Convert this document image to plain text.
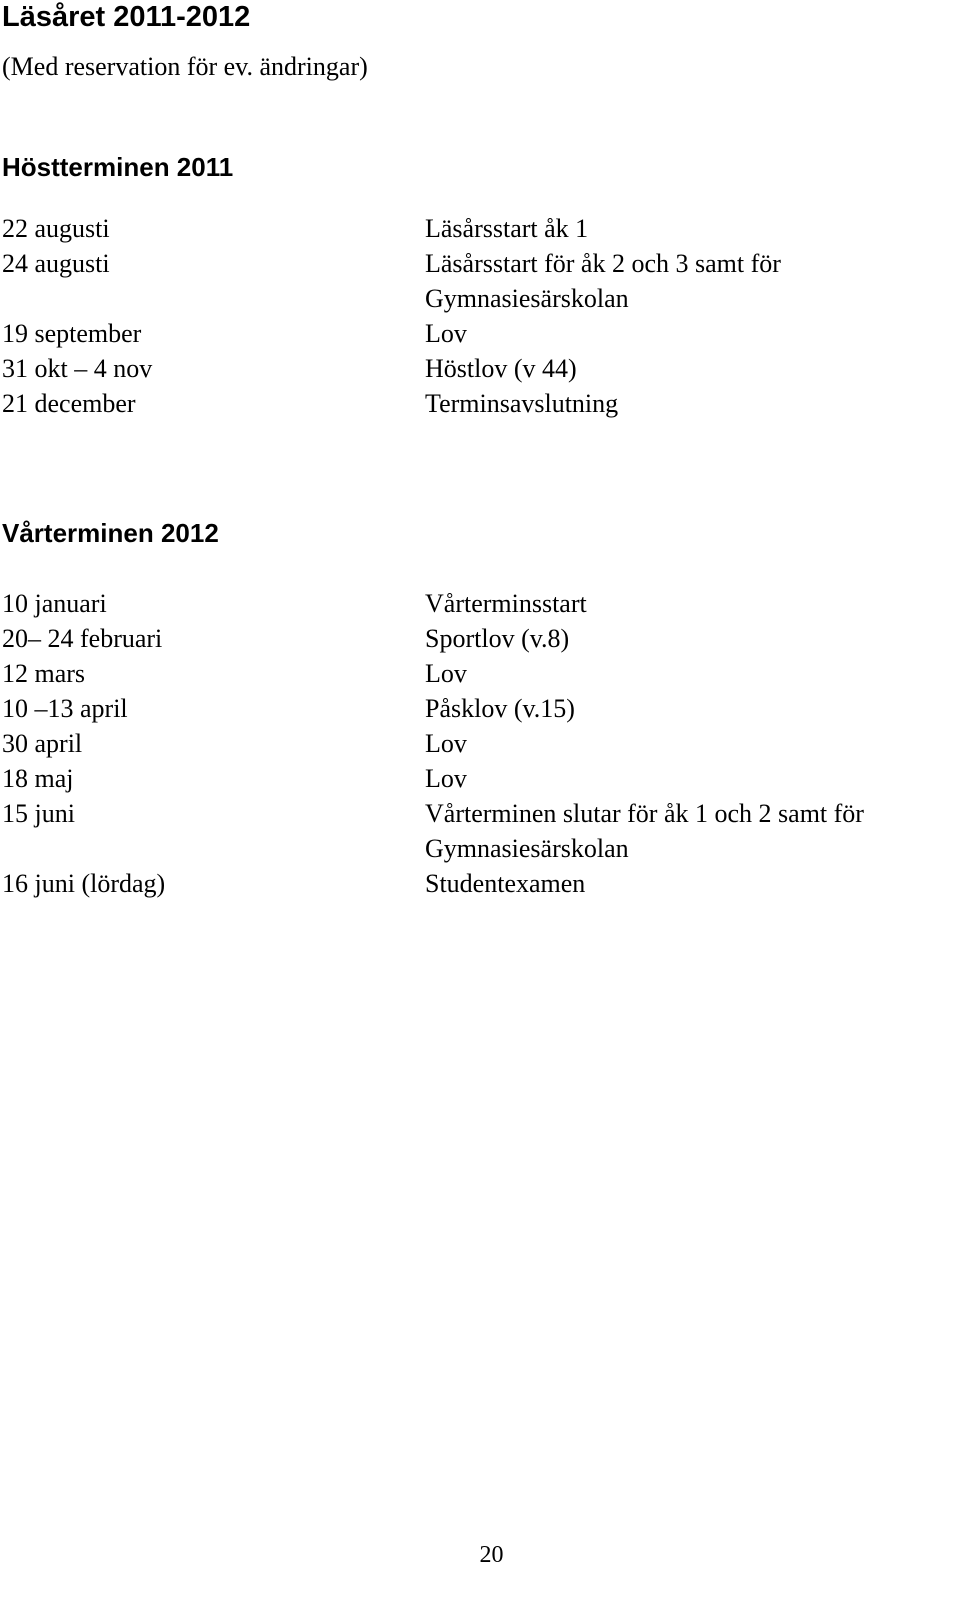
Läsåret 2011-2012

(Med reservation för ev. ändringar)

Höstterminen 2011
22 augusti	Läsårsstart åk 1
24 augusti	Läsårsstart för åk 2 och 3 samt för
Gymnasiesärskolan
19 september	Lov
31 okt – 4 nov	Höstlov (v 44)
21 december	Terminsavslutning
Vårterminen 2012
10 januari	Vårterminsstart
20– 24 februari	Sportlov (v.8)
12 mars	Lov
10 –13 april	Påsklov (v.15)
30 april	Lov
18 maj	Lov
15 juni	Vårterminen slutar för åk 1 och 2 samt för
Gymnasiesärskolan
16 juni (lördag)	Studentexamen
20
